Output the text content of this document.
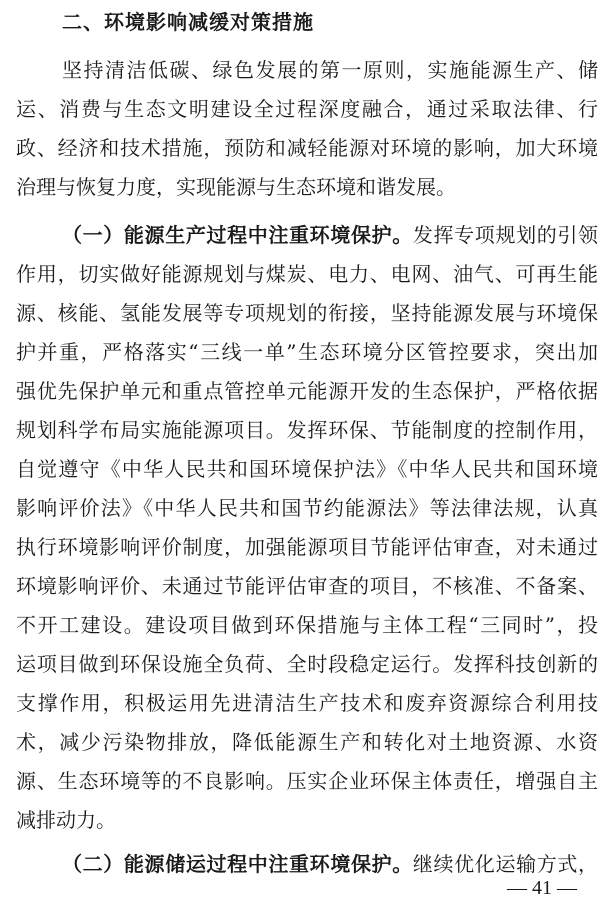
二、环境影响减缓对策措施
坚持清洁低碳、绿色发展的第一原则，实施能源生产、储
运、消费与生态文明建设全过程深度融合，通过采取法律、行
政、经济和技术措施，预防和减轻能源对环境的影响，加大环境
治理与恢复力度，实现能源与生态环境和谐发展。
（一）能源生产过程中注重环境保护。发挥专项规划的引领
作用，切实做好能源规划与煤炭、电力、电网、油气、可再生能
源、核能、氢能发展等专项规划的衔接，坚持能源发展与环境保
护并重，严格落实“三线一单”生态环境分区管控要求，突出加
强优先保护单元和重点管控单元能源开发的生态保护，严格依据
规划科学布局实施能源项目。发挥环保、节能制度的控制作用，
自觉遵守《中华人民共和国环境保护法》《中华人民共和国环境
影响评价法》《中华人民共和国节约能源法》等法律法规，认真
执行环境影响评价制度，加强能源项目节能评估审查，对未通过
环境影响评价、未通过节能评估审查的项目，不核准、不备案、
不开工建设。建设项目做到环保措施与主体工程“三同时”，投
运项目做到环保设施全负荷、全时段稳定运行。发挥科技创新的
支撑作用，积极运用先进清洁生产技术和废弃资源综合利用技
术，减少污染物排放，降低能源生产和转化对土地资源、水资
源、生态环境等的不良影响。压实企业环保主体责任，增强自主
减排动力。
（二）能源储运过程中注重环境保护。继续优化运输方式，
— 41 —
